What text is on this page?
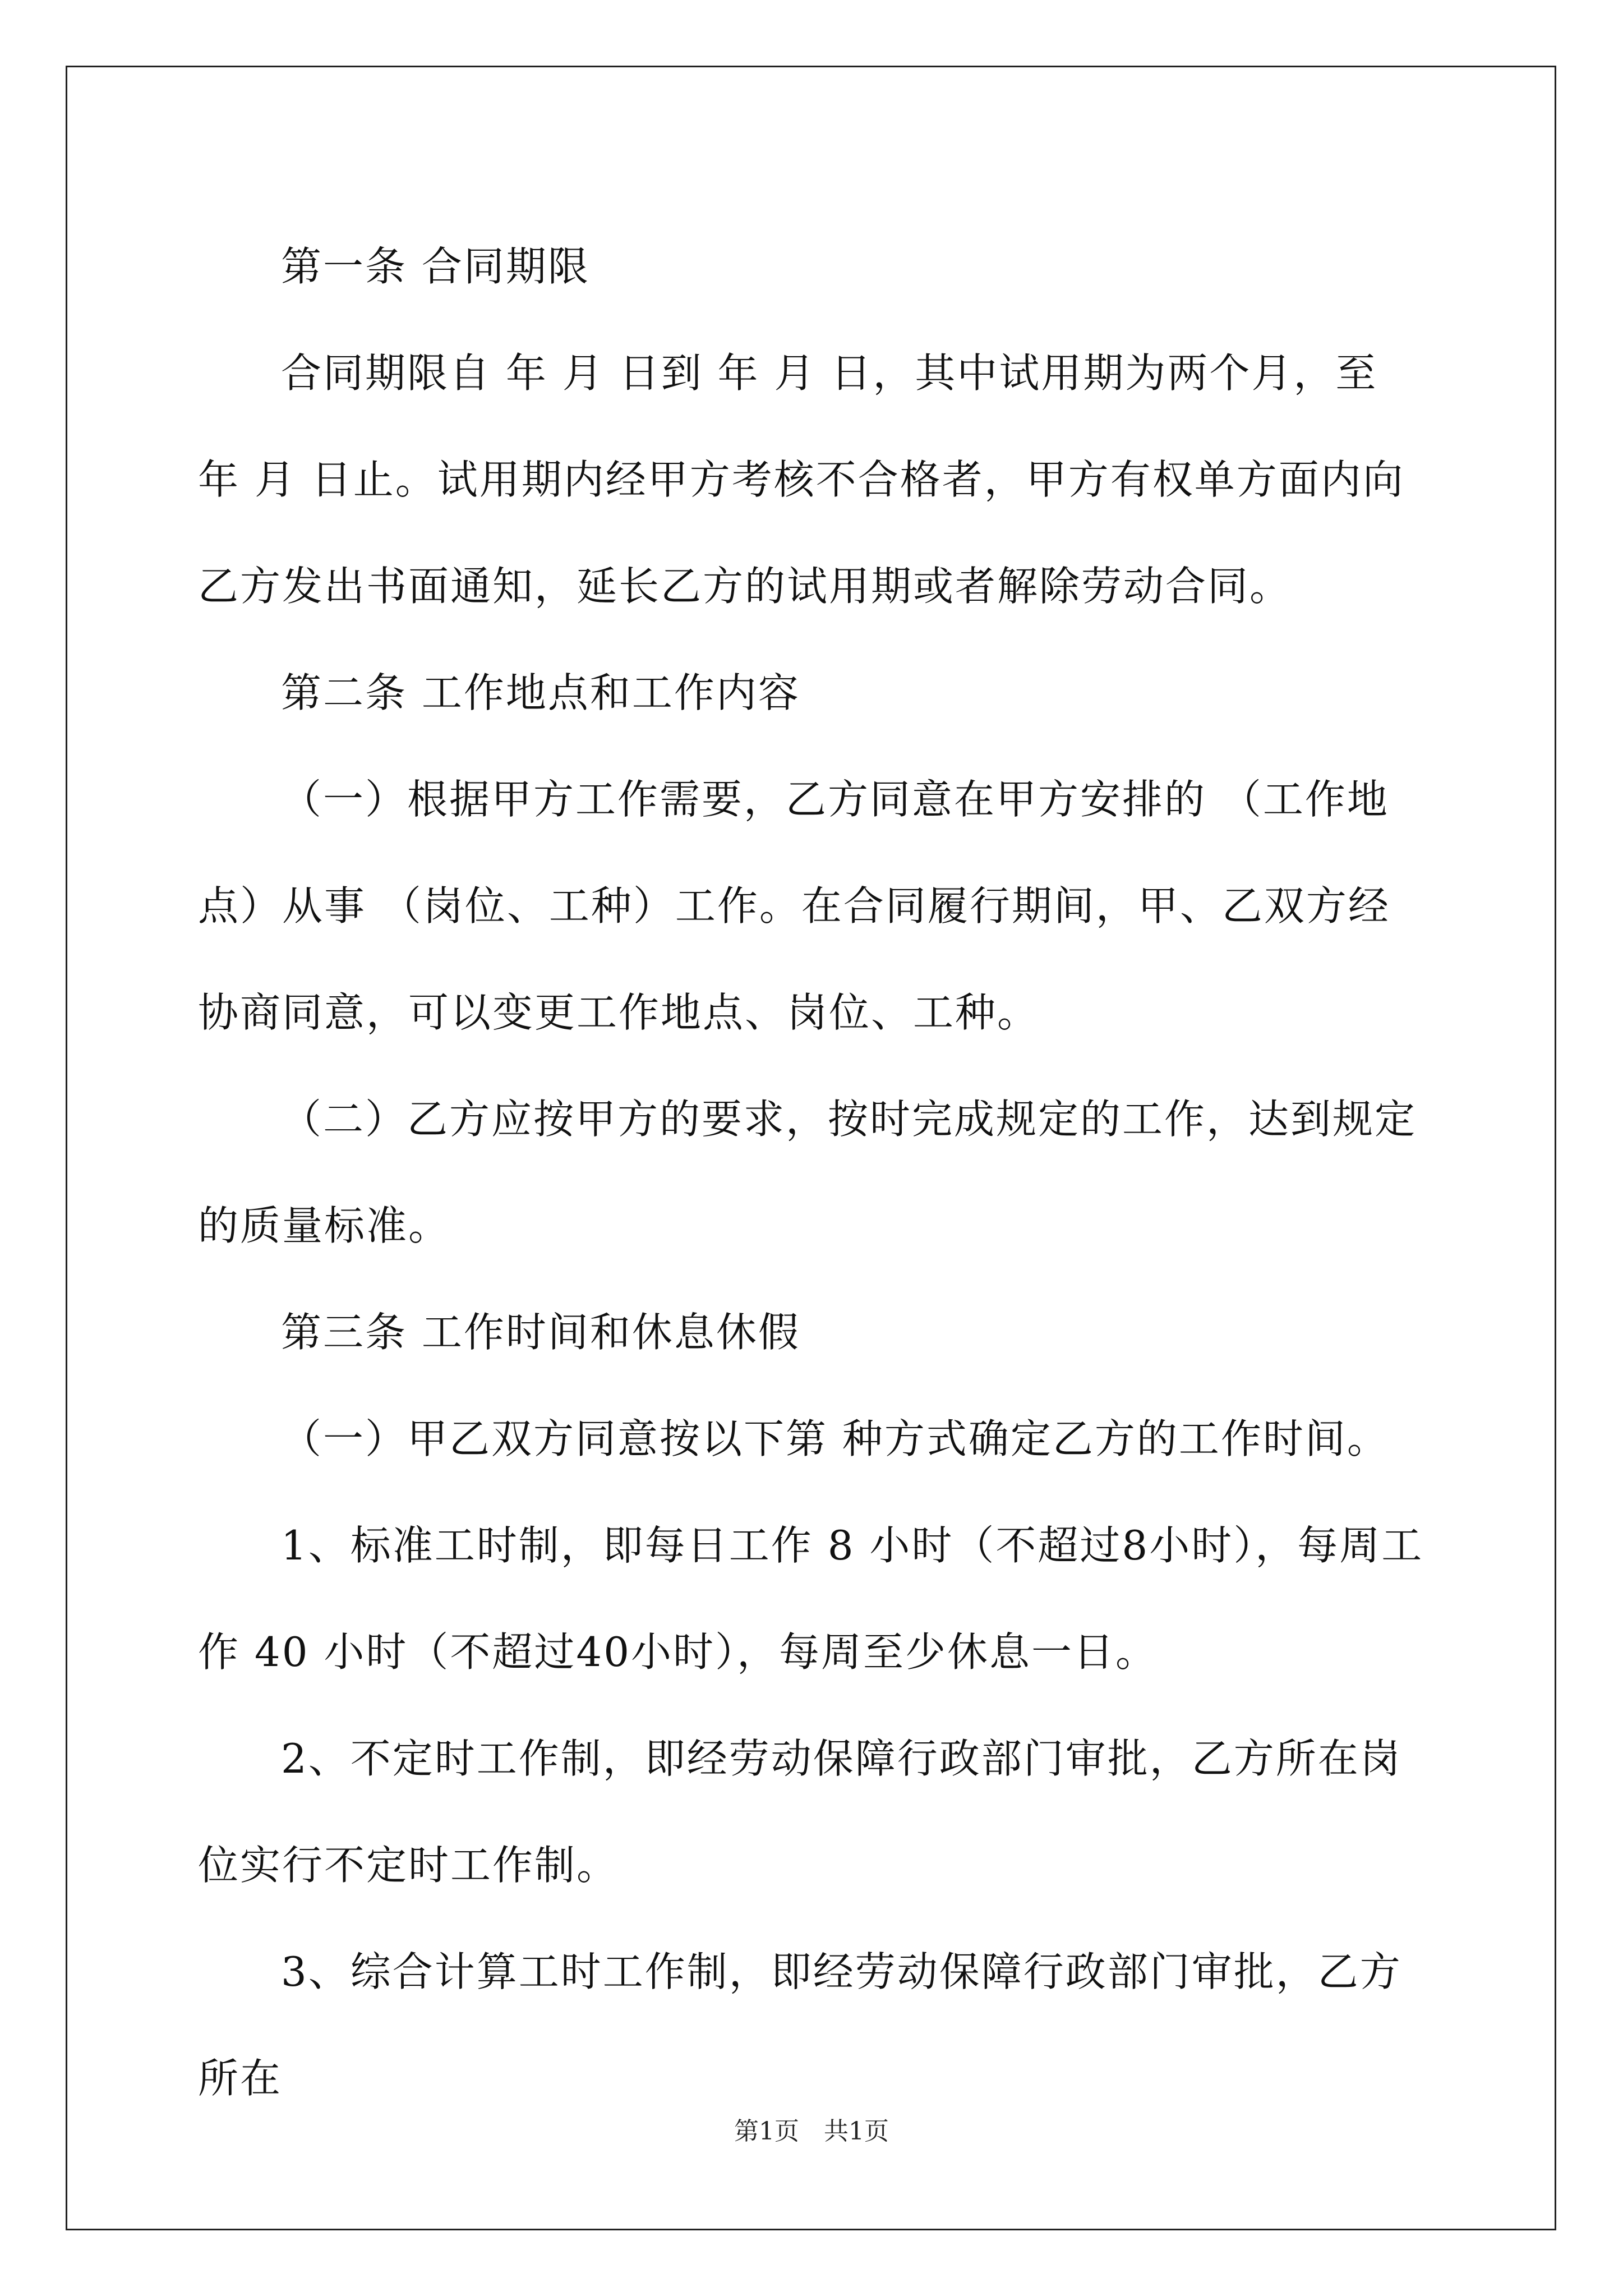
第一条 合同期限

合同期限自 年 月 日到 年 月 日，其中试用期为两个月，至 年 月 日止。试用期内经甲方考核不合格者，甲方有权单方面内向乙方发出书面通知，延长乙方的试用期或者解除劳动合同。

第二条 工作地点和工作内容

（一）根据甲方工作需要，乙方同意在甲方安排的 （工作地点）从事 （岗位、工种）工作。在合同履行期间，甲、乙双方经协商同意，可以变更工作地点、岗位、工种。

（二）乙方应按甲方的要求，按时完成规定的工作，达到规定的质量标准。

第三条 工作时间和休息休假

（一）甲乙双方同意按以下第 种方式确定乙方的工作时间。

1、标准工时制，即每日工作 8 小时（不超过8小时），每周工作 40 小时（不超过40小时），每周至少休息一日。

2、不定时工作制，即经劳动保障行政部门审批，乙方所在岗位实行不定时工作制。

3、综合计算工时工作制，即经劳动保障行政部门审批，乙方所在

第1页　共1页
